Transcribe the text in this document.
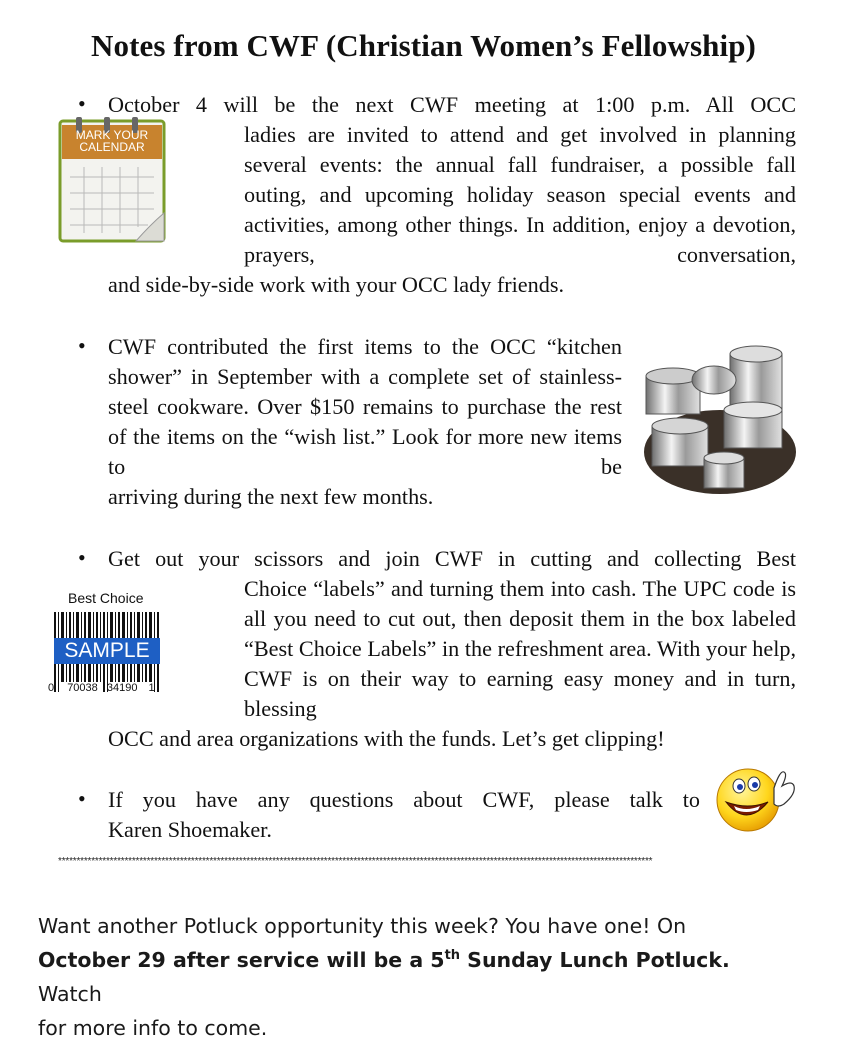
Notes from CWF (Christian Women’s Fellowship)
• October 4 will be the next CWF meeting at 1:00 p.m. All OCC
ladies are invited to attend and get involved in planning several events: the annual fall fundraiser, a possible fall outing, and upcoming holiday season special events and activities, among other things. In addition, enjoy a devotion, prayers, conversation,
and side-by-side work with your OCC lady friends.
MARK YOUR
CALENDAR
• CWF contributed the first items to the OCC “kitchen shower” in September with a complete set of stainless-steel cookware. Over $150 remains to purchase the rest of the items on the “wish list.” Look for more new items to be
arriving during the next few months.
• Get out your scissors and join CWF in cutting and collecting Best
Choice “labels” and turning them into cash. The UPC code is all you need to cut out, then deposit them in the box labeled “Best Choice Labels” in the refreshment area. With your help, CWF is on their way to earning easy money and in turn, blessing
OCC and area organizations with the funds. Let’s get clipping!
Best Choice
SAMPLE
0 70038 34190 1
• If you have any questions about CWF, please talk to
Karen Shoemaker.
*****************************************************************************************************************************************************************
Want another Potluck opportunity this week? You have one! On
October 29 after service will be a 5th Sunday Lunch Potluck. Watch
for more info to come.
